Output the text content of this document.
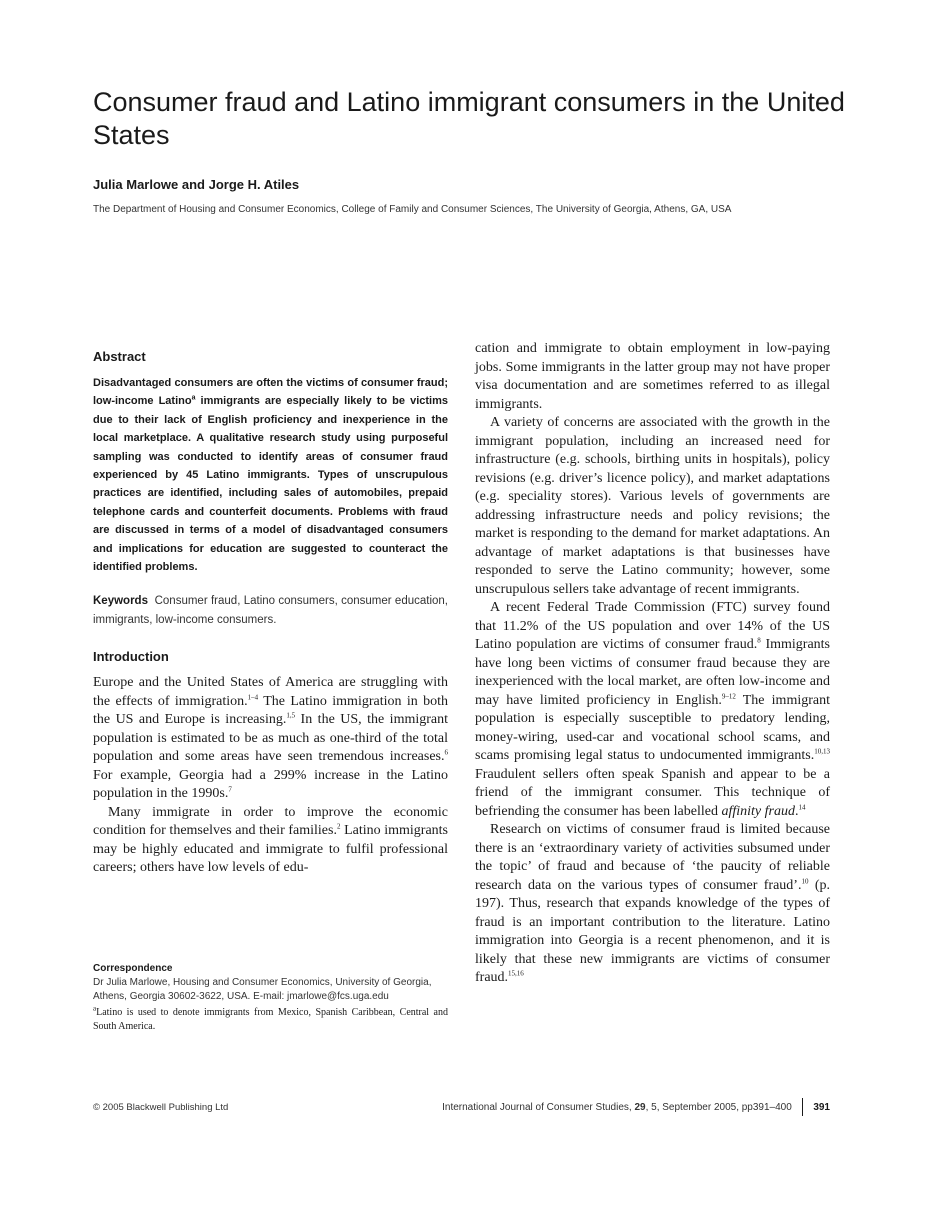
Consumer fraud and Latino immigrant consumers in the United States

Julia Marlowe and Jorge H. Atiles

The Department of Housing and Consumer Economics, College of Family and Consumer Sciences, The University of Georgia, Athens, GA, USA

Abstract

Disadvantaged consumers are often the victims of consumer fraud; low-income Latino$^a$ immigrants are especially likely to be victims due to their lack of English proficiency and inexperience in the local marketplace. A qualitative research study using purposeful sampling was conducted to identify areas of consumer fraud experienced by 45 Latino immigrants. Types of unscrupulous practices are identified, including sales of automobiles, prepaid telephone cards and counterfeit documents. Problems with fraud are discussed in terms of a model of disadvantaged consumers and implications for education are suggested to counteract the identified problems.

Keywords Consumer fraud, Latino consumers, consumer education, immigrants, low-income consumers.

Introduction

Europe and the United States of America are struggling with the effects of immigration.$^{1-4}$ The Latino immigration in both the US and Europe is increasing.$^{1,5}$ In the US, the immigrant population is estimated to be as much as one-third of the total population and some areas have seen tremendous increases.$^6$ For example, Georgia had a 299% increase in the Latino population in the 1990s.$^7$

Many immigrate in order to improve the economic condition for themselves and their families.$^2$ Latino immigrants may be highly educated and immigrate to fulfil professional careers; others have low levels of edu-

cation and immigrate to obtain employment in low-paying jobs. Some immigrants in the latter group may not have proper visa documentation and are sometimes referred to as illegal immigrants.

A variety of concerns are associated with the growth in the immigrant population, including an increased need for infrastructure (e.g. schools, birthing units in hospitals), policy revisions (e.g. driver’s licence policy), and market adaptations (e.g. speciality stores). Various levels of governments are addressing infrastructure needs and policy revisions; the market is responding to the demand for market adaptations. An advantage of market adaptations is that businesses have responded to serve the Latino community; however, some unscrupulous sellers take advantage of recent immigrants.

A recent Federal Trade Commission (FTC) survey found that 11.2% of the US population and over 14% of the US Latino population are victims of consumer fraud.$^8$ Immigrants have long been victims of consumer fraud because they are inexperienced with the local market, are often low-income and may have limited proficiency in English.$^{9-12}$ The immigrant population is especially susceptible to predatory lending, money-wiring, used-car and vocational school scams, and scams promising legal status to undocumented immigrants.$^{10,13}$ Fraudulent sellers often speak Spanish and appear to be a friend of the immigrant consumer. This technique of befriending the consumer has been labelled affinity fraud.$^{14}$

Research on victims of consumer fraud is limited because there is an ‘extraordinary variety of activities subsumed under the topic’ of fraud and because of ‘the paucity of reliable research data on the various types of consumer fraud’.$^{10}$ (p. 197). Thus, research that expands knowledge of the types of fraud is an important contribution to the literature. Latino immigration into Georgia is a recent phenomenon, and it is likely that these new immigrants are victims of consumer fraud.$^{15,16}$

Correspondence
Dr Julia Marlowe, Housing and Consumer Economics, University of Georgia, Athens, Georgia 30602-3622, USA. E-mail: jmarlowe@fcs.uga.edu
$^a$Latino is used to denote immigrants from Mexico, Spanish Caribbean, Central and South America.
© 2005 Blackwell Publishing Ltd	International Journal of Consumer Studies, 29, 5, September 2005, pp391–400 391
